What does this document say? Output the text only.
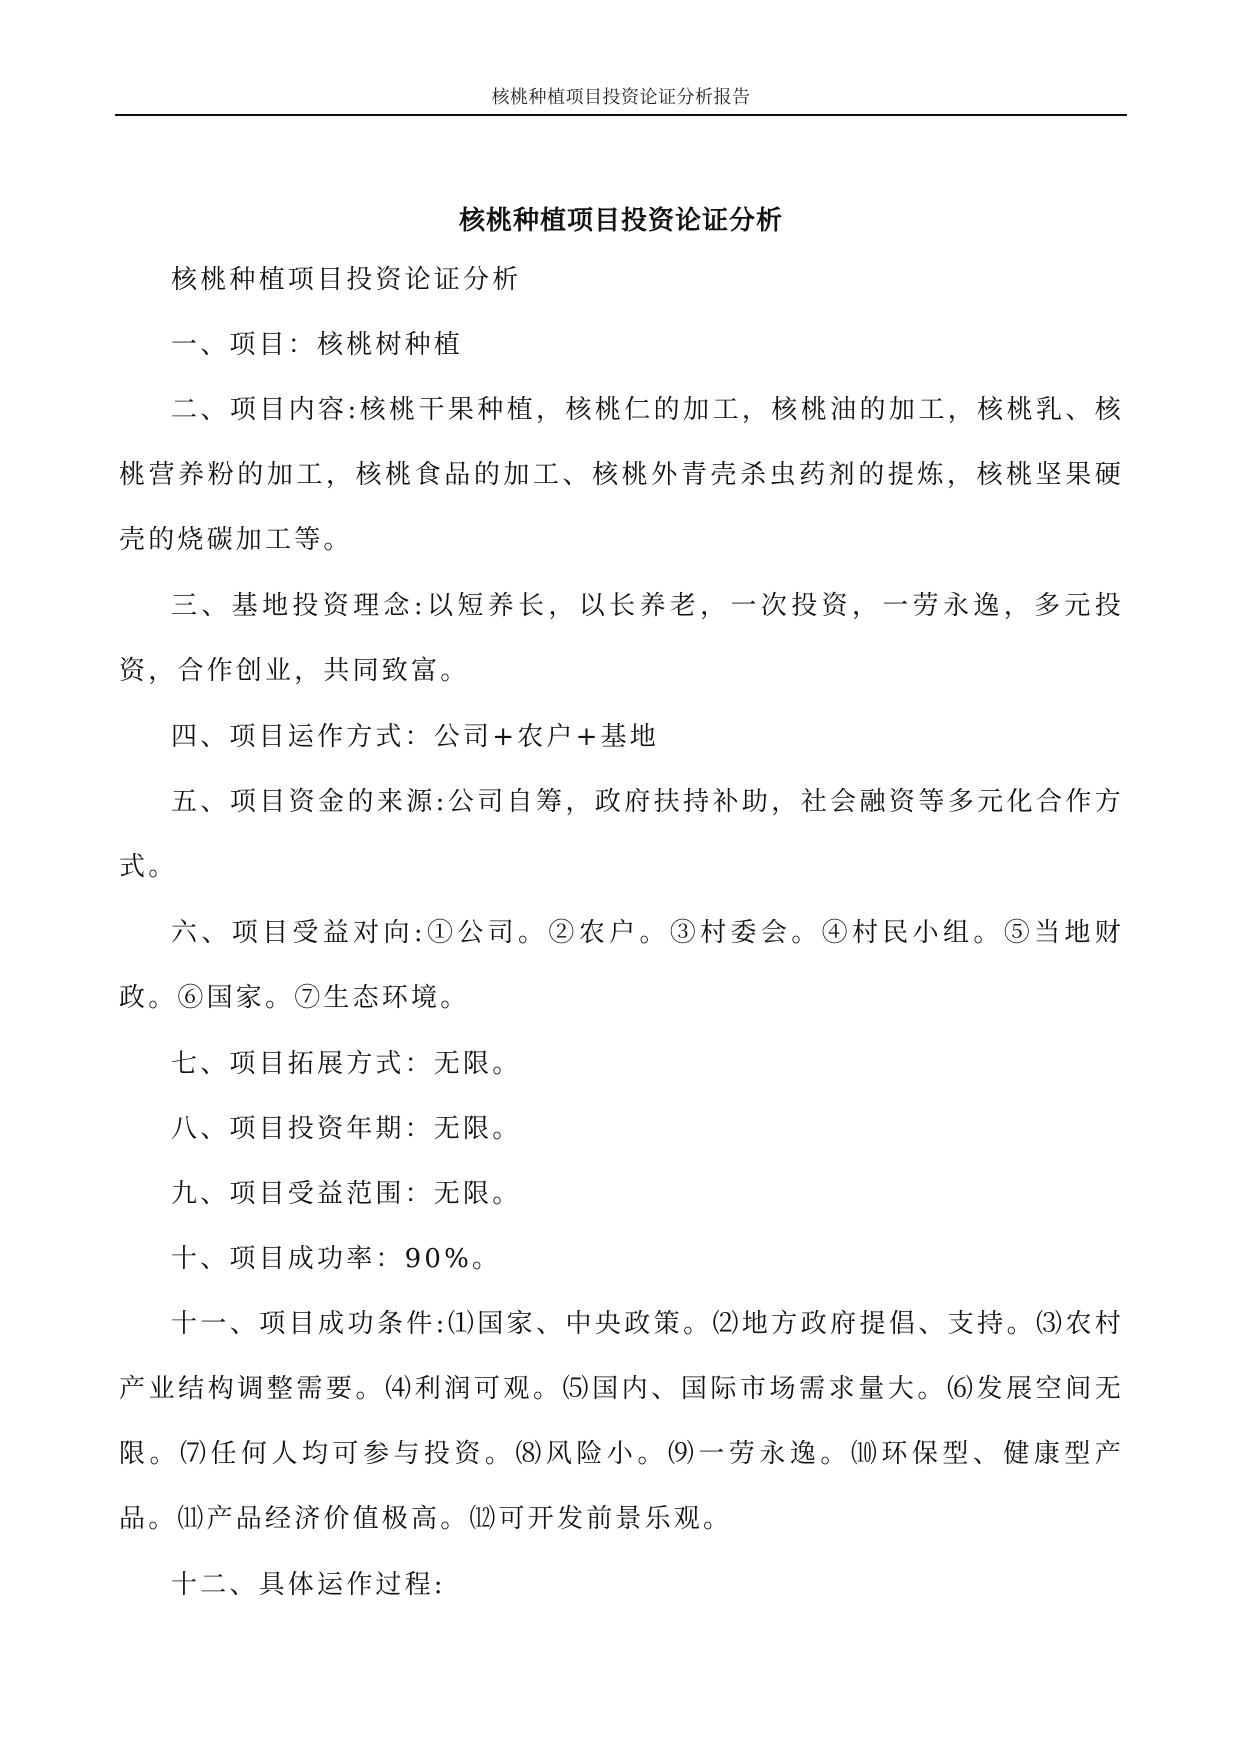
核桃种植项目投资论证分析报告
核桃种植项目投资论证分析

核桃种植项目投资论证分析

一、项目：核桃树种植

二、项目内容:核桃干果种植，核桃仁的加工，核桃油的加工，核桃乳、核桃营养粉的加工，核桃食品的加工、核桃外青壳杀虫药剂的提炼，核桃坚果硬壳的烧碳加工等。

三、基地投资理念:以短养长，以长养老，一次投资，一劳永逸，多元投资，合作创业，共同致富。

四、项目运作方式：公司+农户+基地

五、项目资金的来源:公司自筹，政府扶持补助，社会融资等多元化合作方式。

六、项目受益对向:①公司。②农户。③村委会。④村民小组。⑤当地财政。⑥国家。⑦生态环境。

七、项目拓展方式：无限。

八、项目投资年期：无限。

九、项目受益范围：无限。

十、项目成功率：90%。

十一、项目成功条件:⑴国家、中央政策。⑵地方政府提倡、支持。⑶农村产业结构调整需要。⑷利润可观。⑸国内、国际市场需求量大。⑹发展空间无限。⑺任何人均可参与投资。⑻风险小。⑼一劳永逸。⑽环保型、健康型产品。⑾产品经济价值极高。⑿可开发前景乐观。

十二、具体运作过程:
